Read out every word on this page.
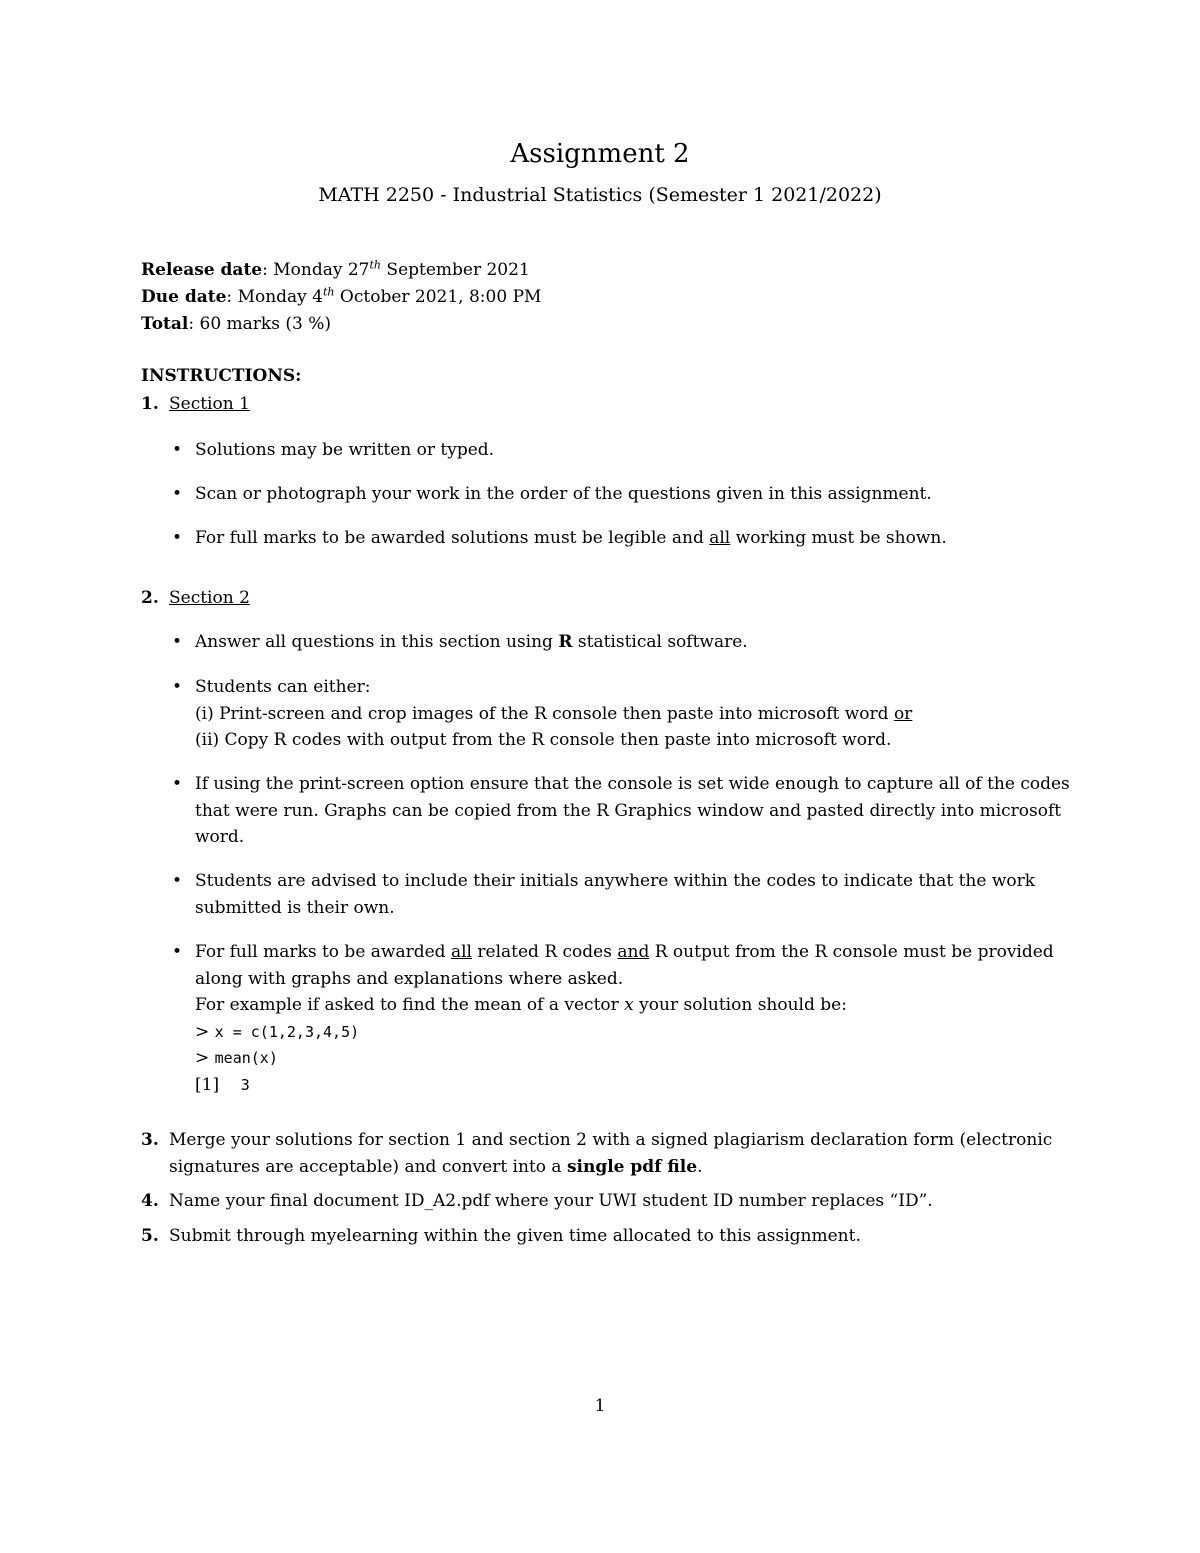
Assignment 2
MATH 2250 - Industrial Statistics (Semester 1 2021/2022)
Release date: Monday 27th September 2021
Due date: Monday 4th October 2021, 8:00 PM
Total: 60 marks (3 %)
INSTRUCTIONS:
1. Section 1
• Solutions may be written or typed.
• Scan or photograph your work in the order of the questions given in this assignment.
• For full marks to be awarded solutions must be legible and all working must be shown.
2. Section 2
• Answer all questions in this section using R statistical software.
• Students can either:
(i) Print-screen and crop images of the R console then paste into microsoft word or
(ii) Copy R codes with output from the R console then paste into microsoft word.
• If using the print-screen option ensure that the console is set wide enough to capture all of the codes that were run. Graphs can be copied from the R Graphics window and pasted directly into microsoft word.
• Students are advised to include their initials anywhere within the codes to indicate that the work submitted is their own.
• For full marks to be awarded all related R codes and R output from the R console must be provided along with graphs and explanations where asked.
For example if asked to find the mean of a vector x your solution should be:
> x = c(1,2,3,4,5)
> mean(x)
[1] 3
3. Merge your solutions for section 1 and section 2 with a signed plagiarism declaration form (electronic signatures are acceptable) and convert into a single pdf file.
4. Name your final document ID_A2.pdf where your UWI student ID number replaces “ID”.
5. Submit through myelearning within the given time allocated to this assignment.
1
